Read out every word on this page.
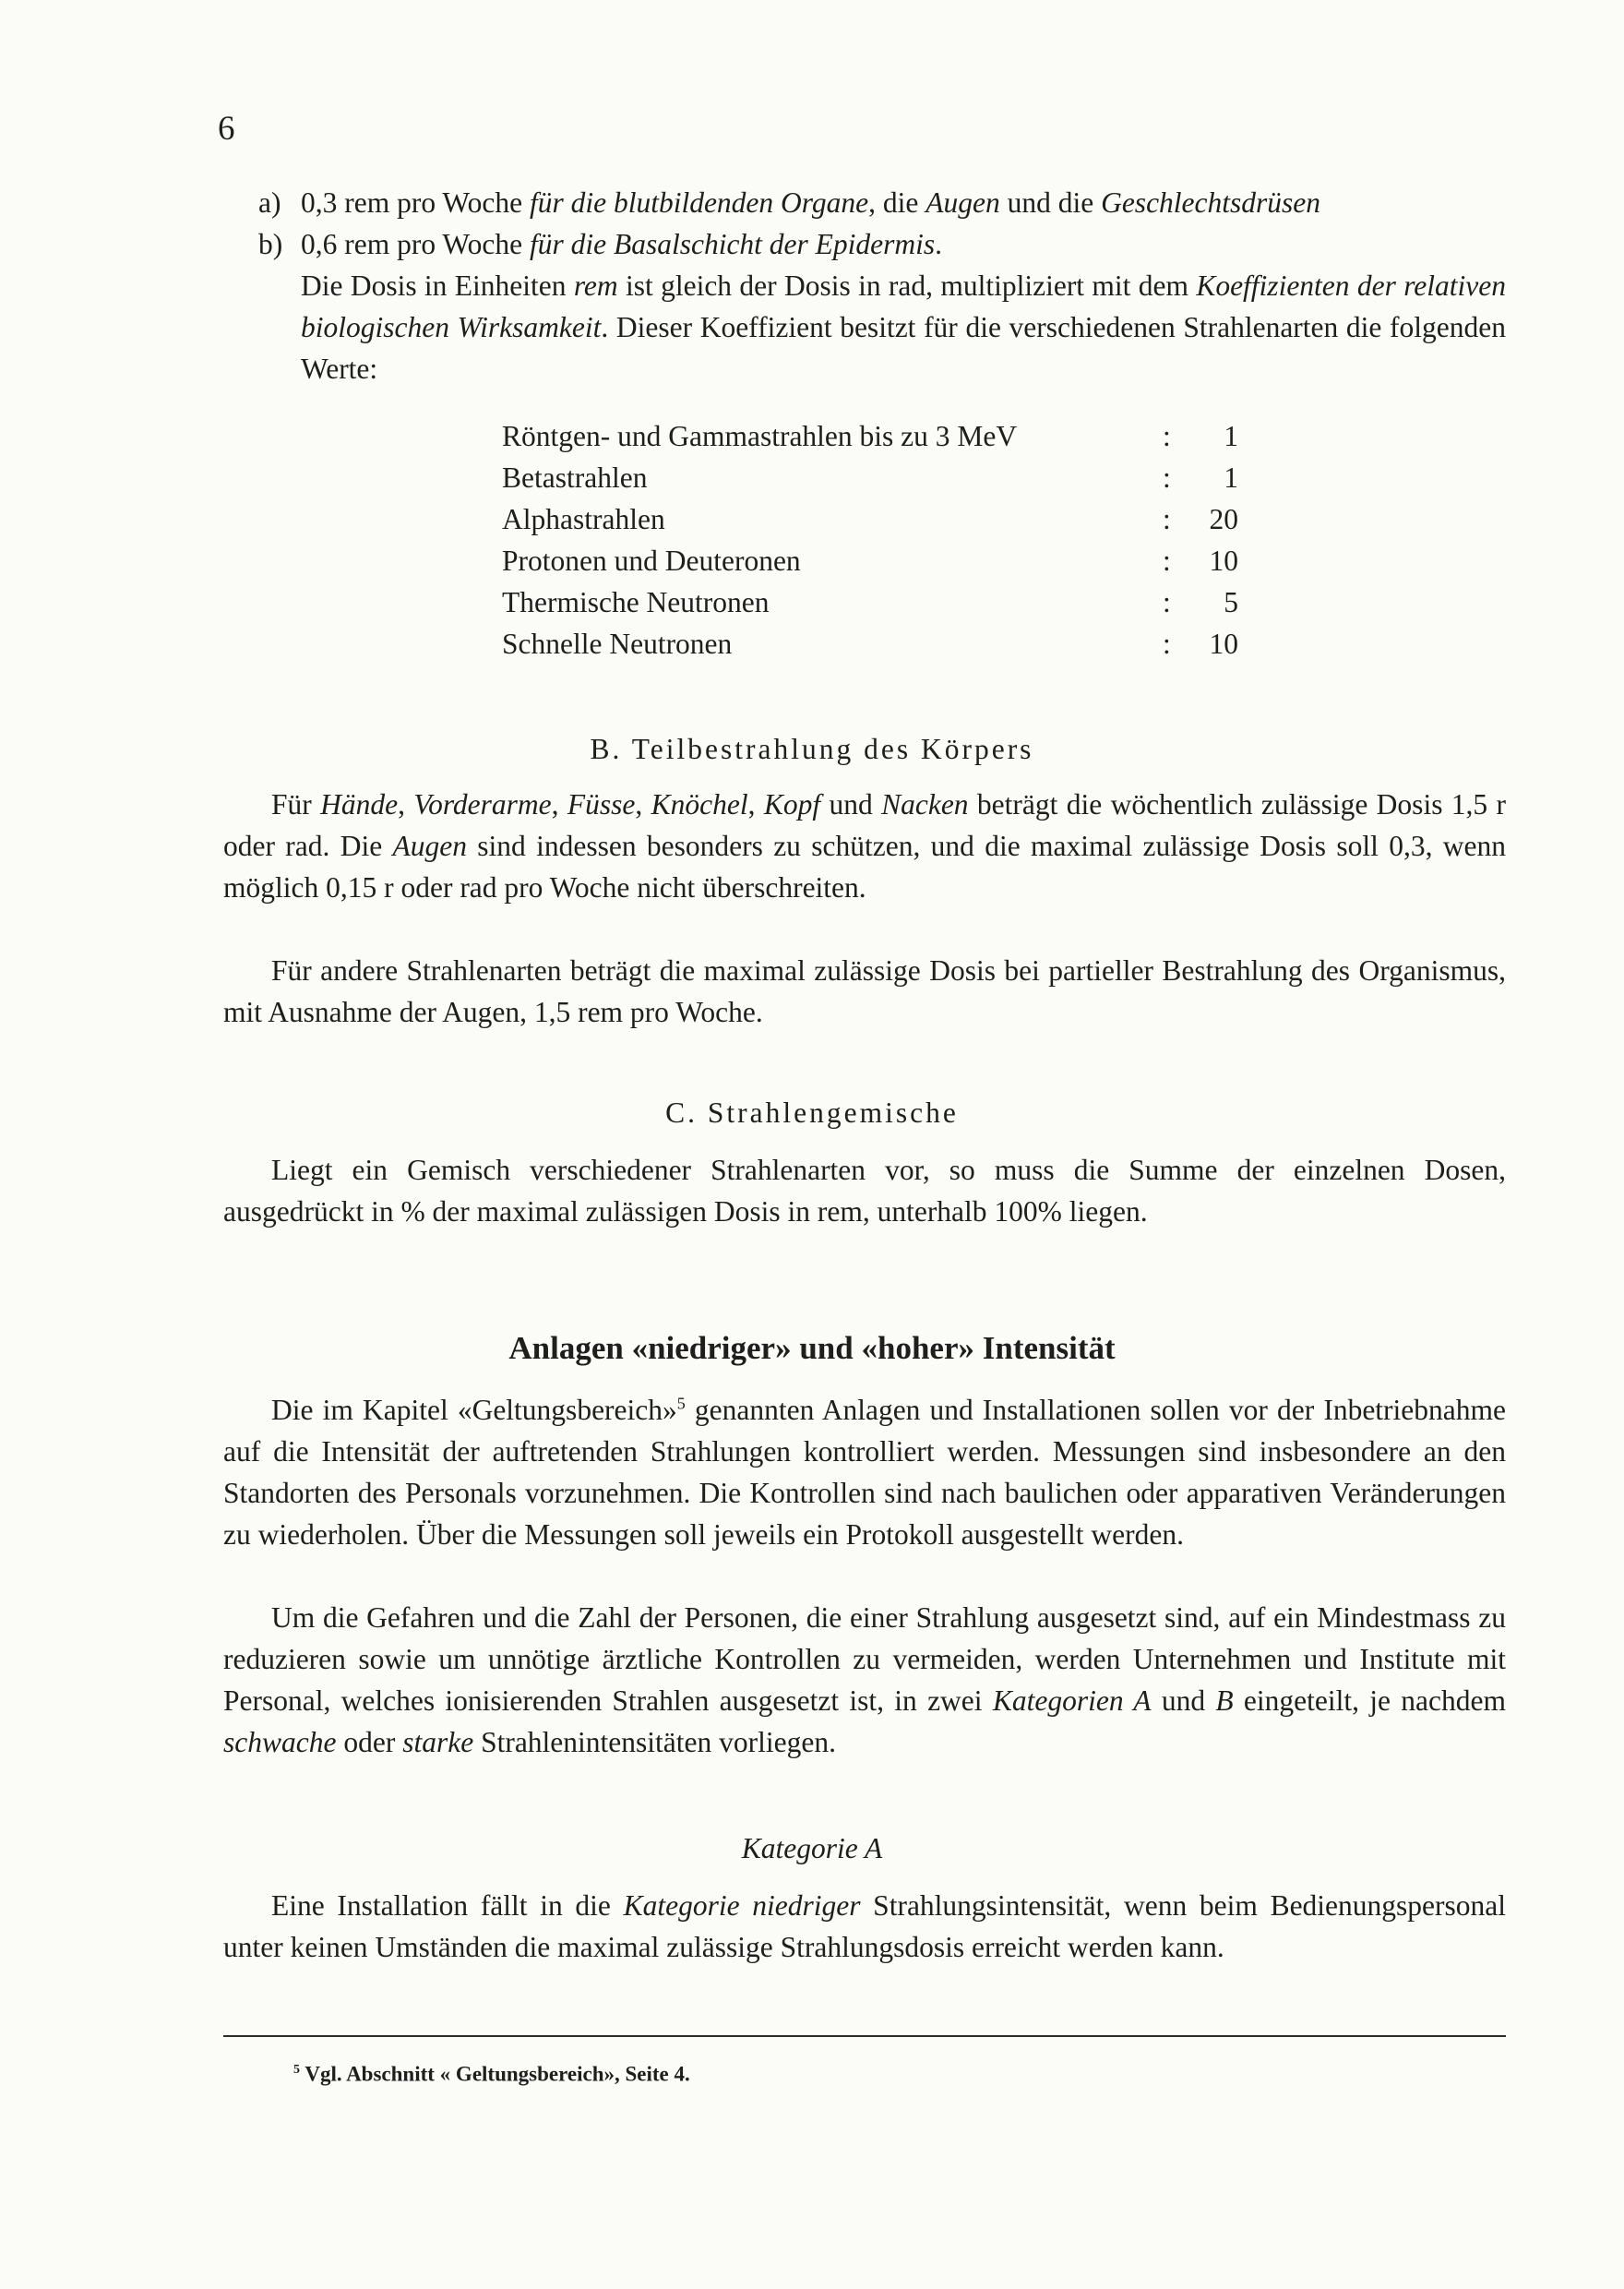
6
a) 0,3 rem pro Woche für die blutbildenden Organe, die Augen und die Geschlechtsdrüsen
b) 0,6 rem pro Woche für die Basalschicht der Epidermis.
Die Dosis in Einheiten rem ist gleich der Dosis in rad, multipliziert mit dem Koeffizienten der relativen biologischen Wirksamkeit. Dieser Koeffizient besitzt für die verschiedenen Strahlenarten die folgenden Werte:
Röntgen- und Gammastrahlen bis zu 3 MeV	: 1
Betastrahlen	: 1
Alphastrahlen	: 20
Protonen und Deuteronen	: 10
Thermische Neutronen	: 5
Schnelle Neutronen	: 10
B. Teilbestrahlung des Körpers
Für Hände, Vorderarme, Füsse, Knöchel, Kopf und Nacken beträgt die wöchentlich zulässige Dosis 1,5 r oder rad. Die Augen sind indessen besonders zu schützen, und die maximal zulässige Dosis soll 0,3, wenn möglich 0,15 r oder rad pro Woche nicht überschreiten.
Für andere Strahlenarten beträgt die maximal zulässige Dosis bei partieller Bestrahlung des Organismus, mit Ausnahme der Augen, 1,5 rem pro Woche.
C. Strahlengemische
Liegt ein Gemisch verschiedener Strahlenarten vor, so muss die Summe der einzelnen Dosen, ausgedrückt in % der maximal zulässigen Dosis in rem, unterhalb 100% liegen.
Anlagen «niedriger» und «hoher» Intensität
Die im Kapitel «Geltungsbereich»$^5$ genannten Anlagen und Installationen sollen vor der Inbetriebnahme auf die Intensität der auftretenden Strahlungen kontrolliert werden. Messungen sind insbesondere an den Standorten des Personals vorzunehmen. Die Kontrollen sind nach baulichen oder apparativen Veränderungen zu wiederholen. Über die Messungen soll jeweils ein Protokoll ausgestellt werden.
Um die Gefahren und die Zahl der Personen, die einer Strahlung ausgesetzt sind, auf ein Mindestmass zu reduzieren sowie um unnötige ärztliche Kontrollen zu vermeiden, werden Unternehmen und Institute mit Personal, welches ionisierenden Strahlen ausgesetzt ist, in zwei Kategorien A und B eingeteilt, je nachdem schwache oder starke Strahlenintensitäten vorliegen.
Kategorie A
Eine Installation fällt in die Kategorie niedriger Strahlungsintensität, wenn beim Bedienungspersonal unter keinen Umständen die maximal zulässige Strahlungsdosis erreicht werden kann.
$^5$ Vgl. Abschnitt « Geltungsbereich», Seite 4.
